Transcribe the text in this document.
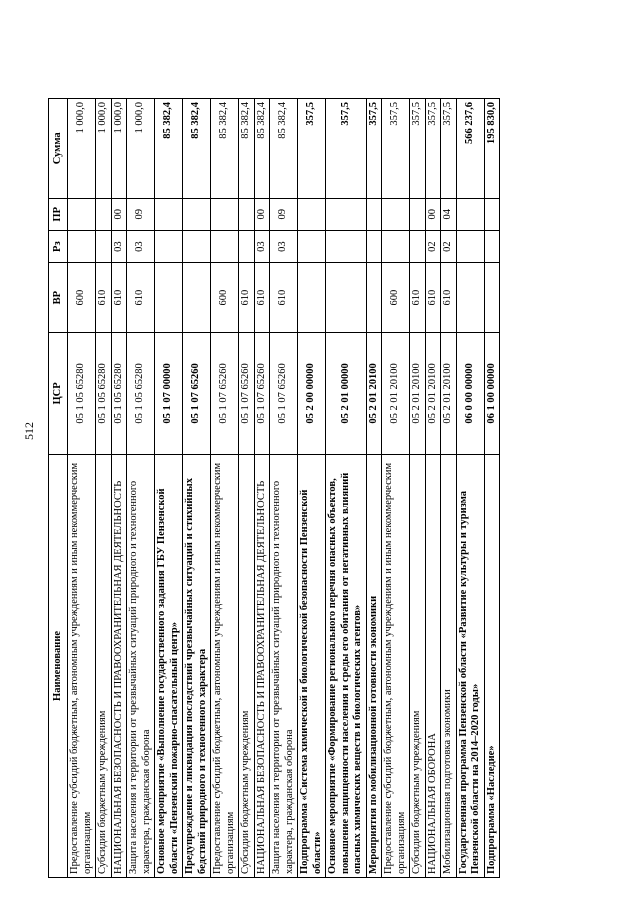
512
Наименование	ЦСР	ВР	Рз	ПР	Сумма
Предоставление субсидий бюджетным, автономным учреждениям и иным некоммерческим организациям	05 1 05 65280	600			1 000,0
Субсидии бюджетным учреждениям	05 1 05 65280	610			1 000,0
НАЦИОНАЛЬНАЯ БЕЗОПАСНОСТЬ И ПРАВООХРАНИТЕЛЬНАЯ ДЕЯТЕЛЬНОСТЬ	05 1 05 65280	610	03	00	1 000,0
Защита населения и территории от чрезвычайных ситуаций природного и техногенного характера, гражданская оборона	05 1 05 65280	610	03	09	1 000,0
Основное мероприятие «Выполнение государственного задания ГБУ Пензенской области «Пензенский пожарно-спасательный центр»	05 1 07 00000				85 382,4
Предупреждение и ликвидация последствий чрезвычайных ситуаций и стихийных бедствий природного и техногенного характера	05 1 07 65260				85 382,4
Предоставление субсидий бюджетным, автономным учреждениям и иным некоммерческим организациям	05 1 07 65260	600			85 382,4
Субсидии бюджетным учреждениям	05 1 07 65260	610			85 382,4
НАЦИОНАЛЬНАЯ БЕЗОПАСНОСТЬ И ПРАВООХРАНИТЕЛЬНАЯ ДЕЯТЕЛЬНОСТЬ	05 1 07 65260	610	03	00	85 382,4
Защита населения и территории от чрезвычайных ситуаций природного и техногенного характера, гражданская оборона	05 1 07 65260	610	03	09	85 382,4
Подпрограмма «Система химической и биологической безопасности Пензенской области»	05 2 00 00000				357,5
Основное мероприятие «Формирование регионального перечня опасных объектов, повышение защищенности населения и среды его обитания от негативных влияний опасных химических веществ и биологических агентов»	05 2 01 00000				357,5
Мероприятия по мобилизационной готовности экономики	05 2 01 20100				357,5
Предоставление субсидий бюджетным, автономным учреждениям и иным некоммерческим организациям	05 2 01 20100	600			357,5
Субсидии бюджетным учреждениям	05 2 01 20100	610			357,5
НАЦИОНАЛЬНАЯ ОБОРОНА	05 2 01 20100	610	02	00	357,5
Мобилизационная подготовка экономики	05 2 01 20100	610	02	04	357,5
Государственная программа Пензенской области «Развитие культуры и туризма Пензенской области на 2014–2020 годы»	06 0 00 00000				566 237,6
Подпрограмма «Наследие»	06 1 00 00000				195 830,0
